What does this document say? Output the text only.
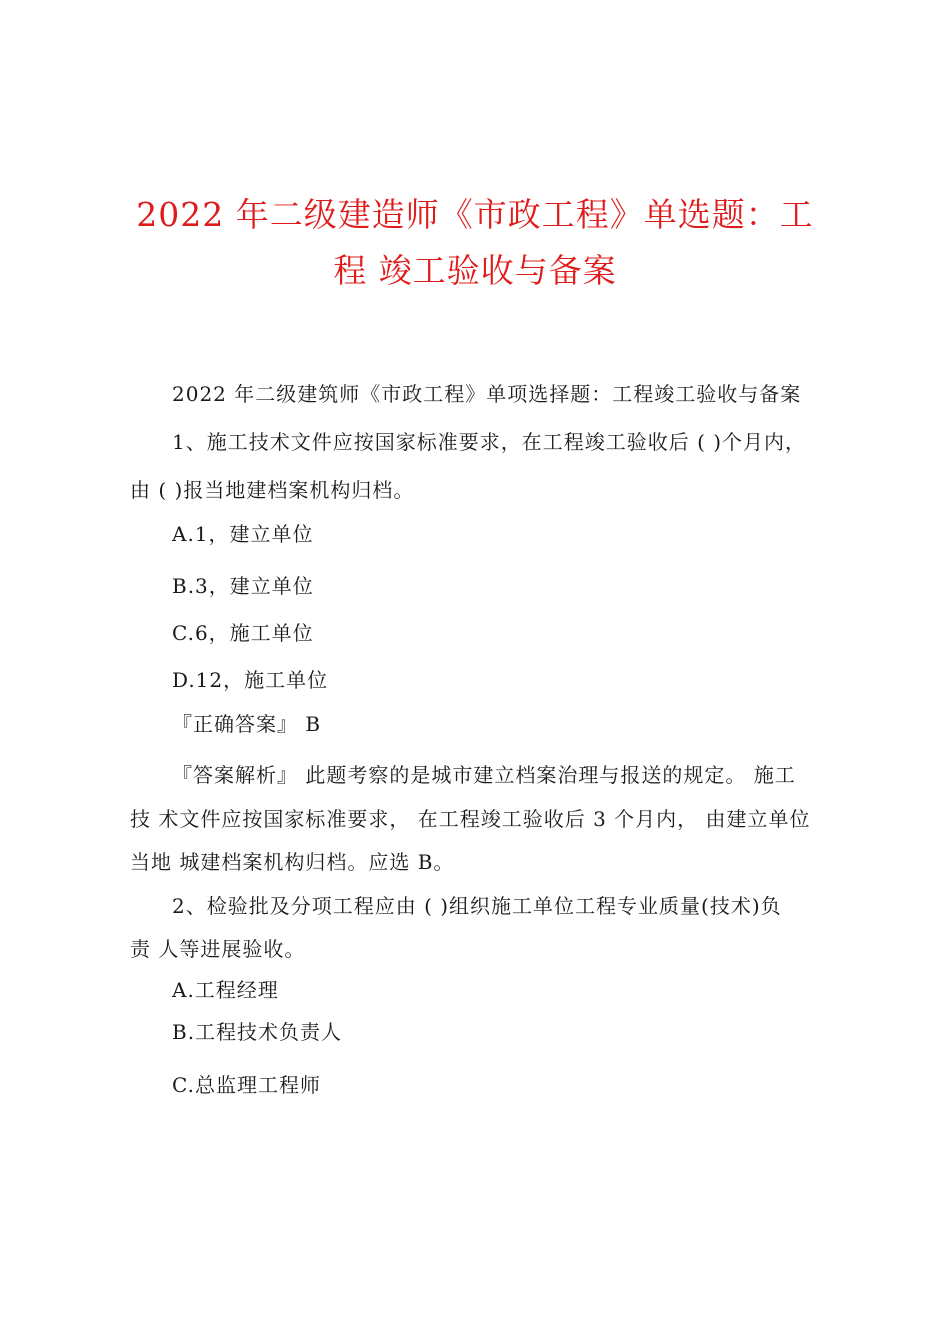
2022 年二级建造师《市政工程》单选题：工
程 竣工验收与备案
2022 年二级建筑师《市政工程》单项选择题：工程竣工验收与备案
1、施工技术文件应按国家标准要求，在工程竣工验收后 ( )个月内，
由 ( )报当地建档案机构归档。
A.1，建立单位
B.3，建立单位
C.6，施工单位
D.12，施工单位
『正确答案』 B
『答案解析』 此题考察的是城市建立档案治理与报送的规定。 施工
技 术文件应按国家标准要求， 在工程竣工验收后 3 个月内， 由建立单位
当地 城建档案机构归档。应选 B。
2、检验批及分项工程应由 ( )组织施工单位工程专业质量(技术)负
责 人等进展验收。
A.工程经理
B.工程技术负责人
C.总监理工程师
